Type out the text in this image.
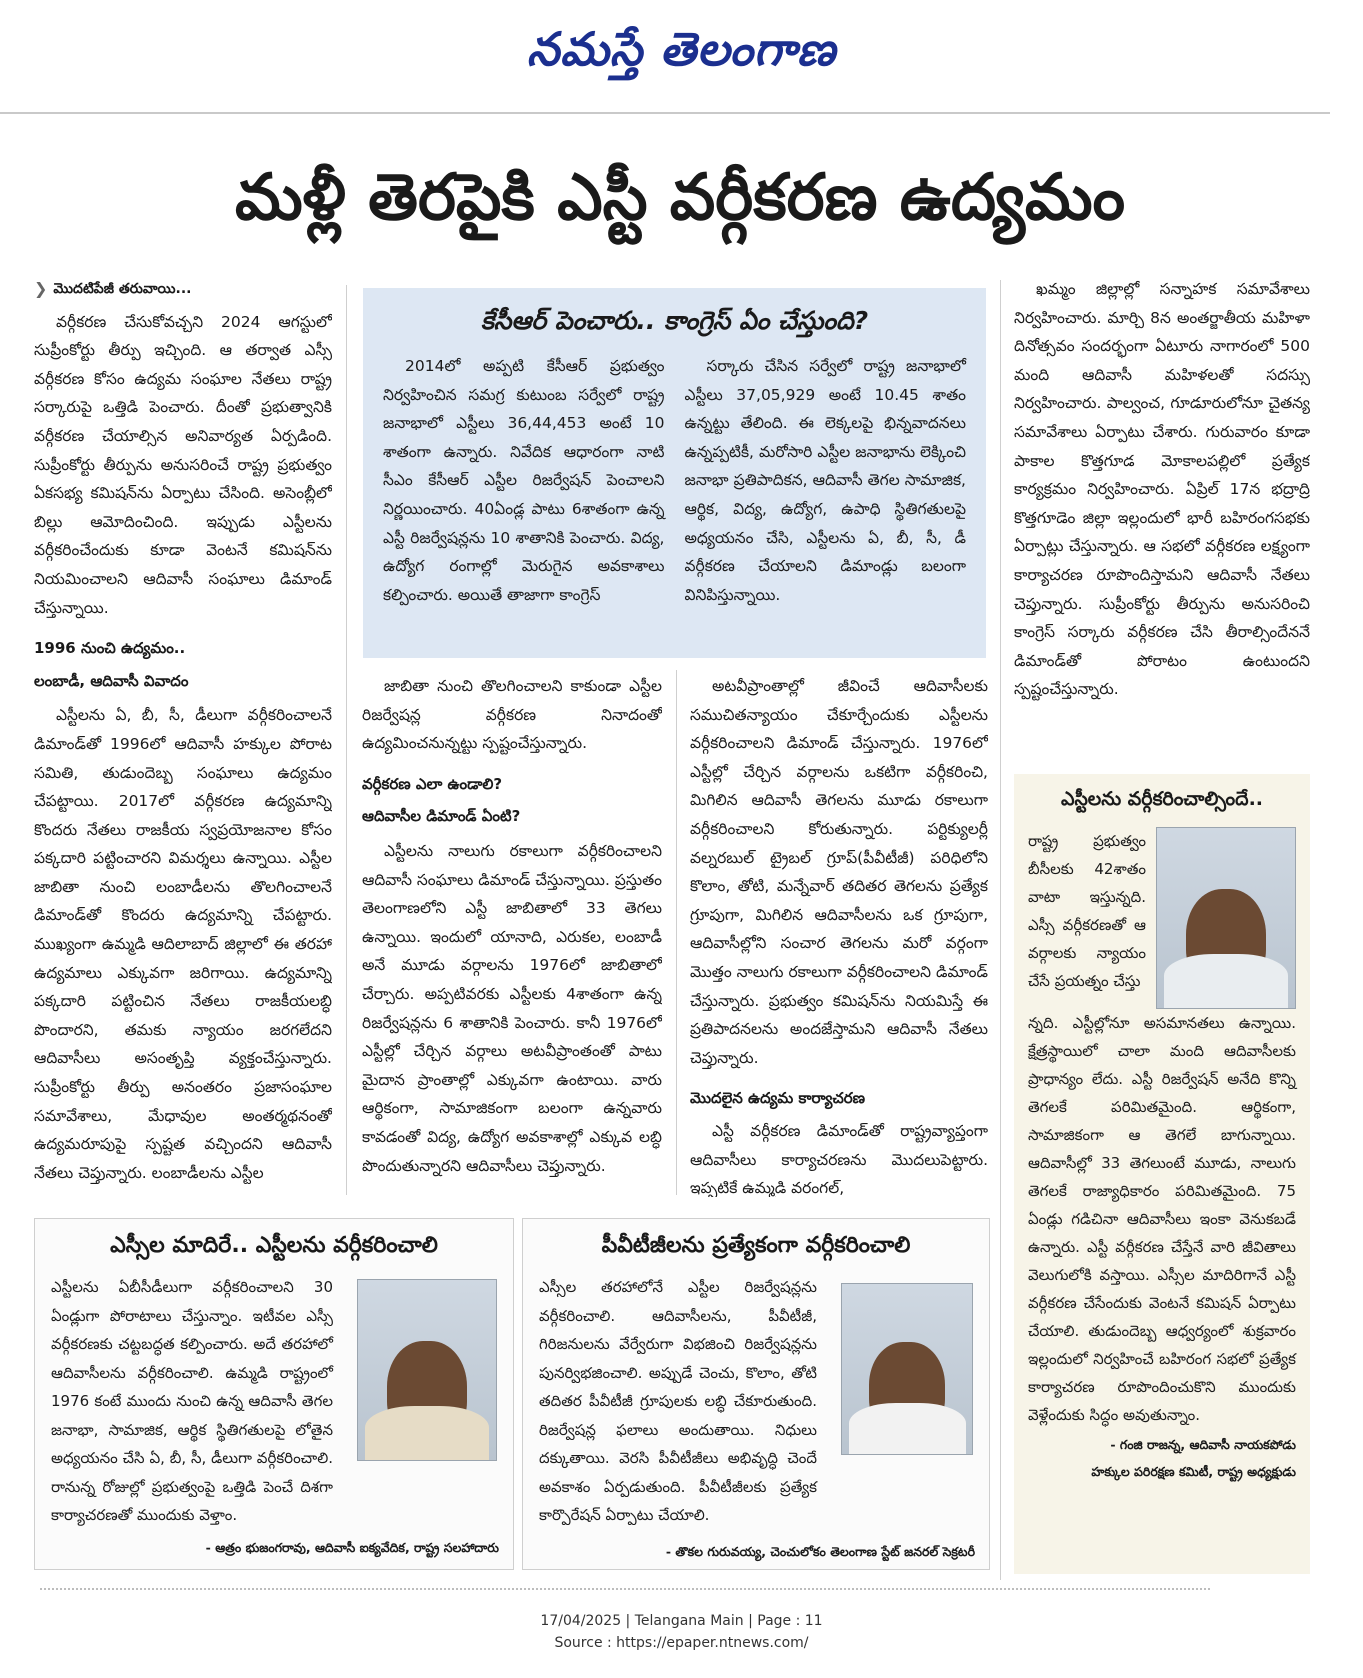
నమస్తే తెలంగాణ
మళ్లీ తెరపైకి ఎస్టీ వర్గీకరణ ఉద్యమం
❯ మొదటిపేజీ తరువాయి...

వర్గీకరణ చేసుకోవచ్చని 2024 ఆగస్టులో సుప్రీంకోర్టు తీర్పు ఇచ్చింది. ఆ తర్వాత ఎస్సీ వర్గీకరణ కోసం ఉద్యమ సంఘాల నేతలు రాష్ట్ర సర్కారుపై ఒత్తిడి పెంచారు. దీంతో ప్రభుత్వానికి వర్గీకరణ చేయాల్సిన అనివార్యత ఏర్పడింది. సుప్రీంకోర్టు తీర్పును అనుసరించే రాష్ట్ర ప్రభుత్వం ఏకసభ్య కమిషన్‌ను ఏర్పాటు చేసింది. అసెంబ్లీలో బిల్లు ఆమోదించింది. ఇప్పుడు ఎస్టీలను వర్గీకరించేందుకు కూడా వెంటనే కమిషన్‌ను నియమించాలని ఆదివాసీ సంఘాలు డిమాండ్ చేస్తున్నాయి.

1996 నుంచి ఉద్యమం..
లంబాడీ, ఆదివాసీ వివాదం

ఎస్టీలను ఏ, బీ, సీ, డీలుగా వర్గీకరించాలనే డిమాండ్‌తో 1996లో ఆదివాసీ హక్కుల పోరాట సమితి, తుడుందెబ్బ సంఘాలు ఉద్యమం చేపట్టాయి. 2017లో వర్గీకరణ ఉద్యమాన్ని కొందరు నేతలు రాజకీయ స్వప్రయోజనాల కోసం పక్కదారి పట్టించారని విమర్శలు ఉన్నాయి. ఎస్టీల జాబితా నుంచి లంబాడీలను తొలగించాలనే డిమాండ్‌తో కొందరు ఉద్యమాన్ని చేపట్టారు. ముఖ్యంగా ఉమ్మడి ఆదిలాబాద్ జిల్లాలో ఈ తరహా ఉద్యమాలు ఎక్కువగా జరిగాయి. ఉద్యమాన్ని పక్కదారి పట్టించిన నేతలు రాజకీయలబ్ధి పొందారని, తమకు న్యాయం జరగలేదని ఆదివాసీలు అసంతృప్తి వ్యక్తంచేస్తున్నారు. సుప్రీంకోర్టు తీర్పు అనంతరం ప్రజాసంఘాల సమావేశాలు, మేధావుల అంతర్మథనంతో ఉద్యమరూపుపై స్పష్టత వచ్చిందని ఆదివాసీ నేతలు చెప్తున్నారు. లంబాడీలను ఎస్టీల

కేసీఆర్ పెంచారు.. కాంగ్రెస్ ఏం చేస్తుంది?

2014లో అప్పటి కేసీఆర్ ప్రభుత్వం నిర్వహించిన సమగ్ర కుటుంబ సర్వేలో రాష్ట్ర జనాభాలో ఎస్టీలు 36,44,453 అంటే 10 శాతంగా ఉన్నారు. నివేదిక ఆధారంగా నాటి సీఎం కేసీఆర్ ఎస్టీల రిజర్వేషన్ పెంచాలని నిర్ణయించారు. 40ఏండ్ల పాటు 6శాతంగా ఉన్న ఎస్టీ రిజర్వేషన్లను 10 శాతానికి పెంచారు. విద్య, ఉద్యోగ రంగాల్లో మెరుగైన అవకాశాలు కల్పించారు. అయితే తాజాగా కాంగ్రెస్

సర్కారు చేసిన సర్వేలో రాష్ట్ర జనాభాలో ఎస్టీలు 37,05,929 అంటే 10.45 శాతం ఉన్నట్టు తేలింది. ఈ లెక్కలపై భిన్నవాదనలు ఉన్నప్పటికీ, మరోసారి ఎస్టీల జనాభాను లెక్కించి జనాభా ప్రతిపాదికన, ఆదివాసీ తెగల సామాజిక, ఆర్థిక, విద్య, ఉద్యోగ, ఉపాధి స్థితిగతులపై అధ్యయనం చేసి, ఎస్టీలను ఏ, బీ, సీ, డీ వర్గీకరణ చేయాలని డిమాండ్లు బలంగా వినిపిస్తున్నాయి.

జాబితా నుంచి తొలగించాలని కాకుండా ఎస్టీల రిజర్వేషన్ల వర్గీకరణ నినాదంతో ఉద్యమించనున్నట్టు స్పష్టంచేస్తున్నారు.

వర్గీకరణ ఎలా ఉండాలి?
ఆదివాసీల డిమాండ్ ఏంటి?

ఎస్టీలను నాలుగు రకాలుగా వర్గీకరించాలని ఆదివాసీ సంఘాలు డిమాండ్ చేస్తున్నాయి. ప్రస్తుతం తెలంగాణలోని ఎస్టీ జాబితాలో 33 తెగలు ఉన్నాయి. ఇందులో యానాది, ఎరుకల, లంబాడీ అనే మూడు వర్గాలను 1976లో జాబితాలో చేర్చారు. అప్పటివరకు ఎస్టీలకు 4శాతంగా ఉన్న రిజర్వేషన్లను 6 శాతానికి పెంచారు. కానీ 1976లో ఎస్టీల్లో చేర్చిన వర్గాలు అటవీప్రాంతంతో పాటు మైదాన ప్రాంతాల్లో ఎక్కువగా ఉంటాయి. వారు ఆర్థికంగా, సామాజికంగా బలంగా ఉన్నవారు కావడంతో విద్య, ఉద్యోగ అవకాశాల్లో ఎక్కువ లబ్ధి పొందుతున్నారని ఆదివాసీలు చెప్తున్నారు.

అటవీప్రాంతాల్లో జీవించే ఆదివాసీలకు సముచితన్యాయం చేకూర్చేందుకు ఎస్టీలను వర్గీకరించాలని డిమాండ్ చేస్తున్నారు. 1976లో ఎస్టీల్లో చేర్చిన వర్గాలను ఒకటిగా వర్గీకరించి, మిగిలిన ఆదివాసీ తెగలను మూడు రకాలుగా వర్గీకరించాలని కోరుతున్నారు. పర్టిక్యులర్లీ వల్నరబుల్ ట్రైబల్ గ్రూప్(పీవీటీజీ) పరిధిలోని కొలాం, తోటి, మన్నేవార్ తదితర తెగలను ప్రత్యేక గ్రూపుగా, మిగిలిన ఆదివాసీలను ఒక గ్రూపుగా, ఆదివాసీల్లోని సంచార తెగలను మరో వర్గంగా మొత్తం నాలుగు రకాలుగా వర్గీకరించాలని డిమాండ్ చేస్తున్నారు. ప్రభుత్వం కమిషన్‌ను నియమిస్తే ఈ ప్రతిపాదనలను అందజేస్తామని ఆదివాసీ నేతలు చెప్తున్నారు.

మొదలైన ఉద్యమ కార్యాచరణ

ఎస్టీ వర్గీకరణ డిమాండ్‌తో రాష్ట్రవ్యాప్తంగా ఆదివాసీలు కార్యాచరణను మొదలుపెట్టారు. ఇప్పటికే ఉమ్మడి వరంగల్,

ఖమ్మం జిల్లాల్లో సన్నాహక సమావేశాలు నిర్వహించారు. మార్చి 8న అంతర్జాతీయ మహిళా దినోత్సవం సందర్భంగా ఏటూరు నాగారంలో 500 మంది ఆదివాసీ మహిళలతో సదస్సు నిర్వహించారు. పాల్వంచ, గూడూరులోనూ చైతన్య సమావేశాలు ఏర్పాటు చేశారు. గురువారం కూడా పాకాల కొత్తగూడ మోకాలపల్లిలో ప్రత్యేక కార్యక్రమం నిర్వహించారు. ఏప్రిల్ 17న భద్రాద్రి కొత్తగూడెం జిల్లా ఇల్లందులో భారీ బహిరంగసభకు ఏర్పాట్లు చేస్తున్నారు. ఆ సభలో వర్గీకరణ లక్ష్యంగా కార్యాచరణ రూపొందిస్తామని ఆదివాసీ నేతలు చెప్తున్నారు. సుప్రీంకోర్టు తీర్పును అనుసరించి కాంగ్రెస్ సర్కారు వర్గీకరణ చేసి తీరాల్సిందేననే డిమాండ్‌తో పోరాటం ఉంటుందని స్పష్టంచేస్తున్నారు.

ఎస్టీలను వర్గీకరించాల్సిందే..
రాష్ట్ర ప్రభుత్వం బీసీలకు 42శాతం వాటా ఇస్తున్నది. ఎస్సీ వర్గీకరణతో ఆ వర్గాలకు న్యాయం చేసే ప్రయత్నం చేస్తు
న్నది. ఎస్టీల్లోనూ అసమానతలు ఉన్నాయి. క్షేత్రస్థాయిలో చాలా మంది ఆదివాసీలకు ప్రాధాన్యం లేదు. ఎస్టీ రిజర్వేషన్ అనేది కొన్ని తెగలకే పరిమితమైంది. ఆర్థికంగా, సామాజికంగా ఆ తెగలే బాగున్నాయి. ఆదివాసీల్లో 33 తెగలుంటే మూడు, నాలుగు తెగలకే రాజ్యాధికారం పరిమితమైంది. 75 ఏండ్లు గడిచినా ఆదివాసీలు ఇంకా వెనుకబడే ఉన్నారు. ఎస్టీ వర్గీకరణ చేస్తేనే వారి జీవితాలు వెలుగులోకి వస్తాయి. ఎస్సీల మాదిరిగానే ఎస్టీ వర్గీకరణ చేసేందుకు వెంటనే కమిషన్ ఏర్పాటు చేయాలి. తుడుందెబ్బ ఆధ్వర్యంలో శుక్రవారం ఇల్లందులో నిర్వహించే బహిరంగ సభలో ప్రత్యేక కార్యాచరణ రూపొందించుకొని ముందుకు వెళ్లేందుకు సిద్ధం అవుతున్నాం.
- గంజి రాజన్న, ఆదివాసీ నాయకపోడు
హక్కుల పరిరక్షణ కమిటీ, రాష్ట్ర అధ్యక్షుడు
ఎస్సీల మాదిరే.. ఎస్టీలను వర్గీకరించాలి
ఎస్టీలను ఏబీసీడీలుగా వర్గీకరించాలని 30 ఏండ్లుగా పోరాటాలు చేస్తున్నాం. ఇటీవల ఎస్సీ వర్గీకరణకు చట్టబద్ధత కల్పించారు. అదే తరహాలో ఆదివాసీలను వర్గీకరించాలి. ఉమ్మడి రాష్ట్రంలో 1976 కంటే ముందు నుంచి ఉన్న ఆదివాసీ తెగల జనాభా, సామాజిక, ఆర్థిక స్థితిగతులపై లోతైన అధ్యయనం చేసి ఏ, బీ, సీ, డీలుగా వర్గీకరించాలి. రానున్న రోజుల్లో ప్రభుత్వంపై ఒత్తిడి పెంచే దిశగా కార్యాచరణతో ముందుకు వెళ్తాం.
- ఆత్రం భుజంగరావు, ఆదివాసీ ఐక్యవేదిక, రాష్ట్ర సలహాదారు
పీవీటీజీలను ప్రత్యేకంగా వర్గీకరించాలి
ఎస్సీల తరహాలోనే ఎస్టీల రిజర్వేషన్లను వర్గీకరించాలి. ఆదివాసీలను, పీవీటీజీ, గిరిజనులను వేర్వేరుగా విభజించి రిజర్వేషన్లను పునర్విభజించాలి. అప్పుడే చెంచు, కొలాం, తోటి తదితర పీవీటీజీ గ్రూపులకు లబ్ధి చేకూరుతుంది. రిజర్వేషన్ల ఫలాలు అందుతాయి. నిధులు దక్కుతాయి. వెరసి పీవీటీజీలు అభివృద్ధి చెందే అవకాశం ఏర్పడుతుంది. పీవీటీజీలకు ప్రత్యేక కార్పొరేషన్ ఏర్పాటు చేయాలి.
- తొకల గురువయ్య, చెంచులోకం తెలంగాణ స్టేట్ జనరల్ సెక్రటరీ
17/04/2025 | Telangana Main | Page : 11
Source : https://epaper.ntnews.com/
